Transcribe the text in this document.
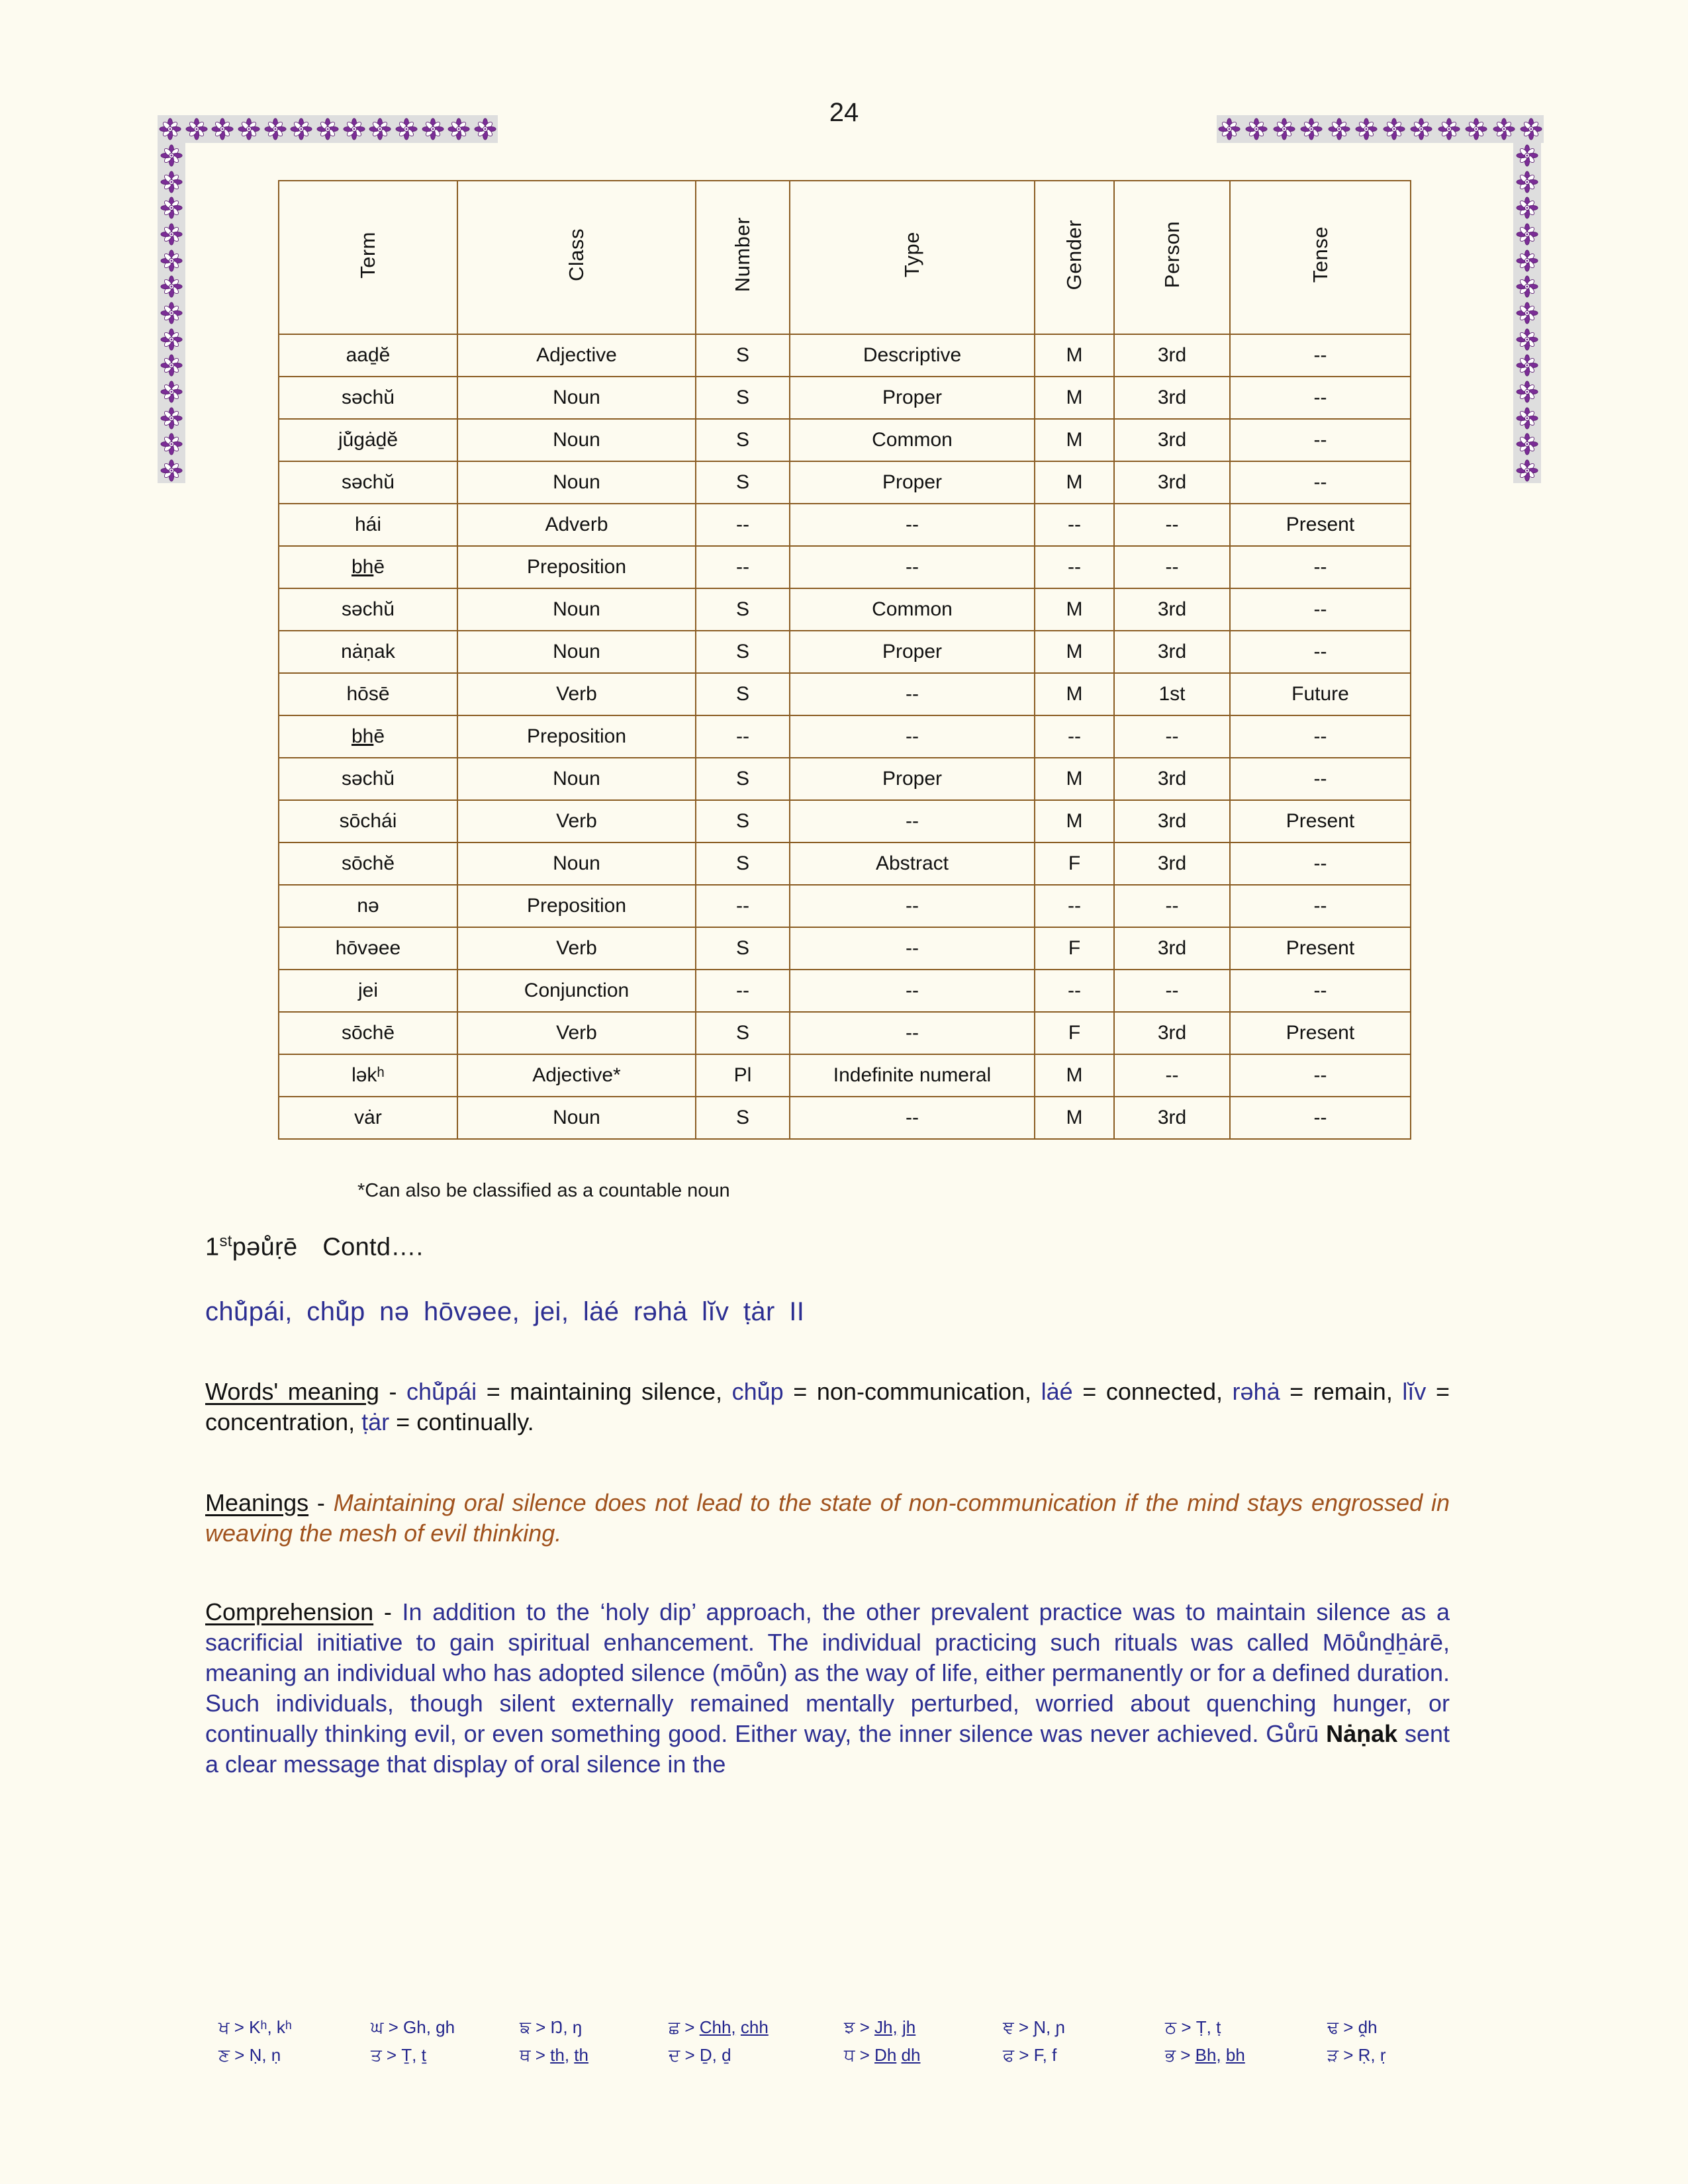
24
Term	Class	Number	Type	Gender	Person	Tense
aaḏĕ	Adjective	S	Descriptive	M	3rd	--
sǝchŭ	Noun	S	Proper	M	3rd	--
jŭ̊gȧḏĕ	Noun	S	Common	M	3rd	--
sǝchŭ	Noun	S	Proper	M	3rd	--
hái	Adverb	--	--	--	--	Present
bhē	Preposition	--	--	--	--	--
sǝchŭ	Noun	S	Common	M	3rd	--
nȧṇak	Noun	S	Proper	M	3rd	--
hōsē	Verb	S	--	M	1st	Future
bhē	Preposition	--	--	--	--	--
sǝchŭ	Noun	S	Proper	M	3rd	--
sōchái	Verb	S	--	M	3rd	Present
sōchĕ	Noun	S	Abstract	F	3rd	--
nǝ	Preposition	--	--	--	--	--
hōvǝee	Verb	S	--	F	3rd	Present
jei	Conjunction	--	--	--	--	--
sōchē	Verb	S	--	F	3rd	Present
lǝkʰ	Adjective*	Pl	Indefinite numeral	M	--	--
vȧr	Noun	S	--	M	3rd	--
*Can also be classified as a countable noun
1stpǝů̇ṛē Contd….
chŭ̊pái, chŭ̊p nǝ hōvǝee, jei, lȧé rǝhȧ lĭv ṭȧr II
Words' meaning - chŭ̊pái = maintaining silence, chŭ̊p = non-communication, lȧé = connected, rǝhȧ = remain, lĭv = concentration, ṭȧr = continually.
Meanings - Maintaining oral silence does not lead to the state of non-communication if the mind stays engrossed in weaving the mesh of evil thinking.
Comprehension - In addition to the ‘holy dip’ approach, the other prevalent practice was to maintain silence as a sacrificial initiative to gain spiritual enhancement. The individual practicing such rituals was called Mōů̇nḏẖȧrē, meaning an individual who has adopted silence (mōů̇n) as the way of life, either permanently or for a defined duration. Such individuals, though silent externally remained mentally perturbed, worried about quenching hunger, or continually thinking evil, or even something good. Either way, the inner silence was never achieved. Gů̇rū Nȧṇak sent a clear message that display of oral silence in the
ਖ > Kʰ, kʰ	ਘ > Gh, gh	ਙ > Ŋ, ŋ	ਛ > Chh, chh	ਝ > Jh, jh	ਞ > Ɲ, ɲ	ਠ > Ṭ, ṭ	ਢ > ḓh
ਣ > Ṇ, ṇ	ਤ > Ṯ, ṯ	ਥ > th, th	ਦ > Ḏ, ḏ	ਧ > Dh dh	ਫ > F, f	ਭ > Bh, bh	ੜ > Ṛ, ṛ
